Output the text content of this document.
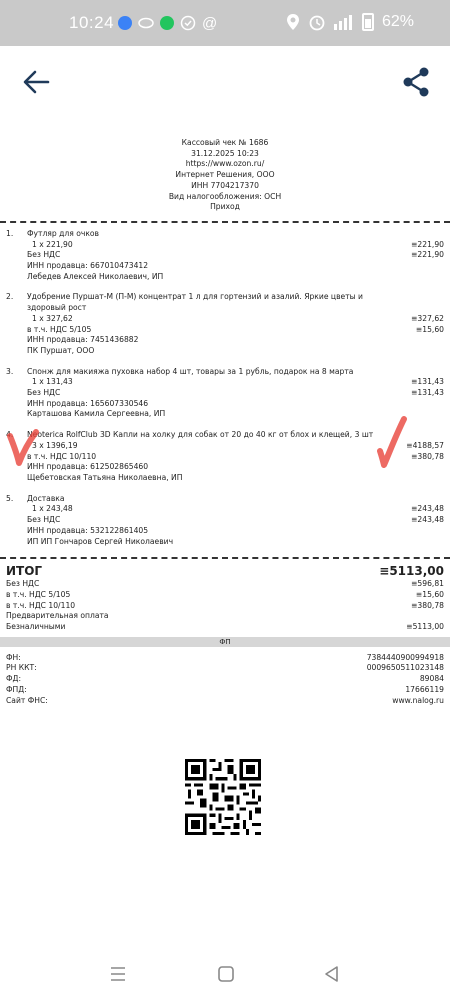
10:24	@	62%
Кассовый чек № 1686
31.12.2025 10:23
https://www.ozon.ru/
Интернет Решения, ООО
ИНН 7704217370
Вид налогообложения: ОСН
Приход
1. Футляр для очков
1 x 221,90	≡221,90
Без НДС	≡221,90
ИНН продавца: 667010473412
Лебедев Алексей Николаевич, ИП
2. Удобрение Пуршат-М (П-М) концентрат 1 л для гортензий и азалий. Яркие цветы и здоровый рост
1 x 327,62	≡327,62
в т.ч. НДС 5/105	≡15,60
ИНН продавца: 7451436882
ПК Пуршат, ООО
3. Спонж для макияжа пуховка набор 4 шт, товары за 1 рубль, подарок на 8 марта
1 x 131,43	≡131,43
Без НДС	≡131,43
ИНН продавца: 165607330546
Карташова Камила Сергеевна, ИП
4. Neoterica RolfClub 3D Капли на холку для собак от 20 до 40 кг от блох и клещей, 3 шт
3 x 1396,19	≡4188,57
в т.ч. НДС 10/110	≡380,78
ИНН продавца: 612502865460
Щебетовская Татьяна Николаевна, ИП
5. Доставка
1 x 243,48	≡243,48
Без НДС	≡243,48
ИНН продавца: 532122861405
ИП ИП Гончаров Сергей Николаевич
ИТОГ	≡5113,00
Без НДС	≡596,81
в т.ч. НДС 5/105	≡15,60
в т.ч. НДС 10/110	≡380,78
Предварительная оплата
Безналичными	≡5113,00
ФП
ФН:	7384440900994918
РН ККТ:	0009650511023148
ФД:	89084
ФПД:	17666119
Сайт ФНС:	www.nalog.ru
